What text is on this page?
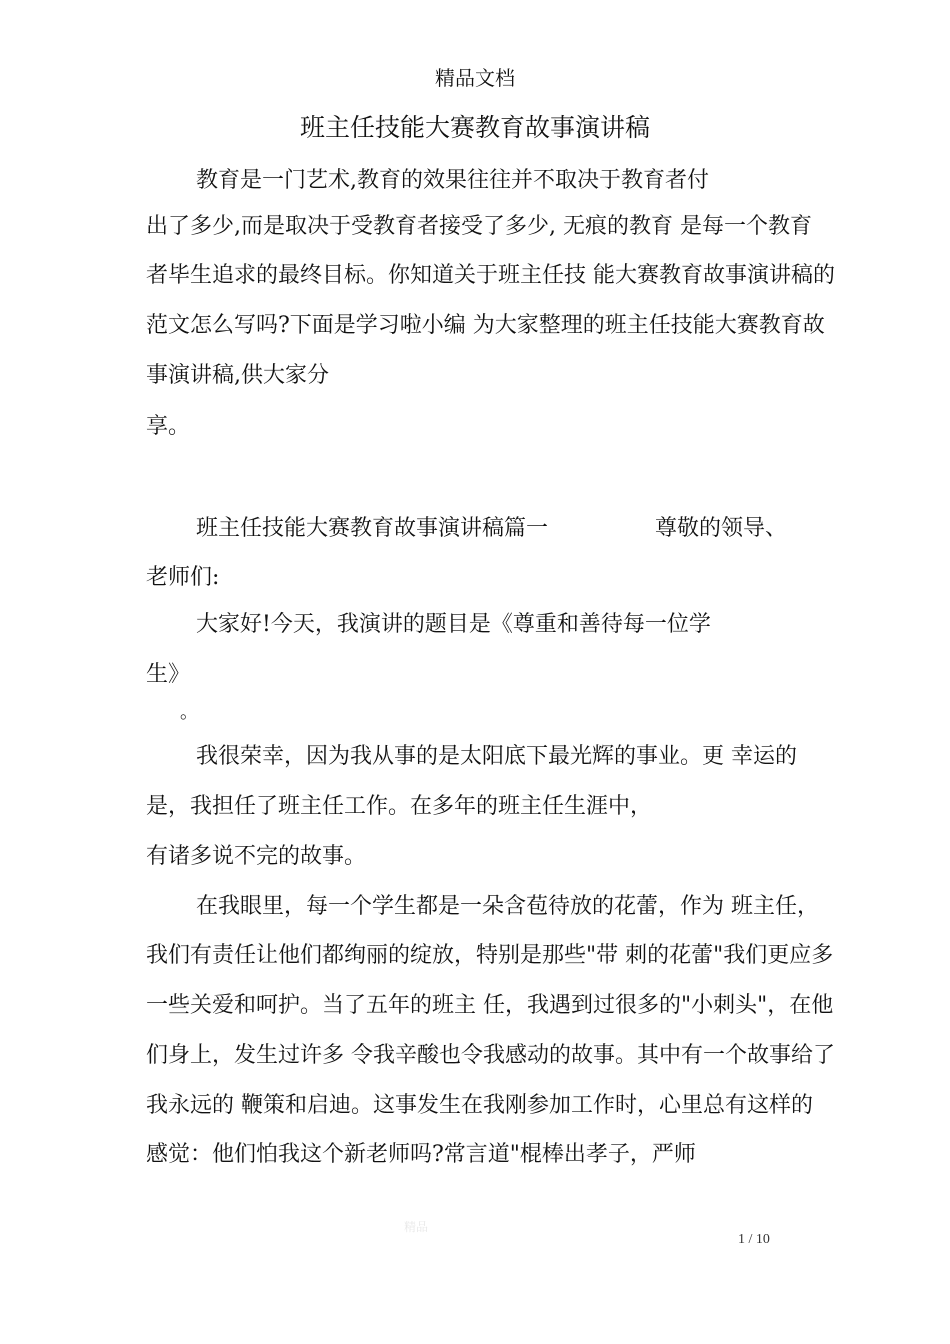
精品文档
班主任技能大赛教育故事演讲稿
教育是一门艺术,教育的效果往往并不取决于教育者付
出了多少,而是取决于受教育者接受了多少, 无痕的教育 是每一个教育
者毕生追求的最终目标。你知道关于班主任技 能大赛教育故事演讲稿的
范文怎么写吗?下面是学习啦小编 为大家整理的班主任技能大赛教育故
事演讲稿,供大家分
享。
班主任技能大赛教育故事演讲稿篇一	尊敬的领导、
老师们:
大家好!今天，我演讲的题目是《尊重和善待每一位学
生》
。
我很荣幸，因为我从事的是太阳底下最光辉的事业。更 幸运的
是，我担任了班主任工作。在多年的班主任生涯中，
有诸多说不完的故事。
在我眼里，每一个学生都是一朵含苞待放的花蕾，作为 班主任，
我们有责任让他们都绚丽的绽放，特别是那些"带 刺的花蕾"我们更应多
一些关爱和呵护。当了五年的班主 任，我遇到过很多的"小刺头"，在他
们身上，发生过许多 令我辛酸也令我感动的故事。其中有一个故事给了
我永远的 鞭策和启迪。这事发生在我刚参加工作时，心里总有这样的
感觉：他们怕我这个新老师吗?常言道"棍棒出孝子，严师
精品
1 / 10
